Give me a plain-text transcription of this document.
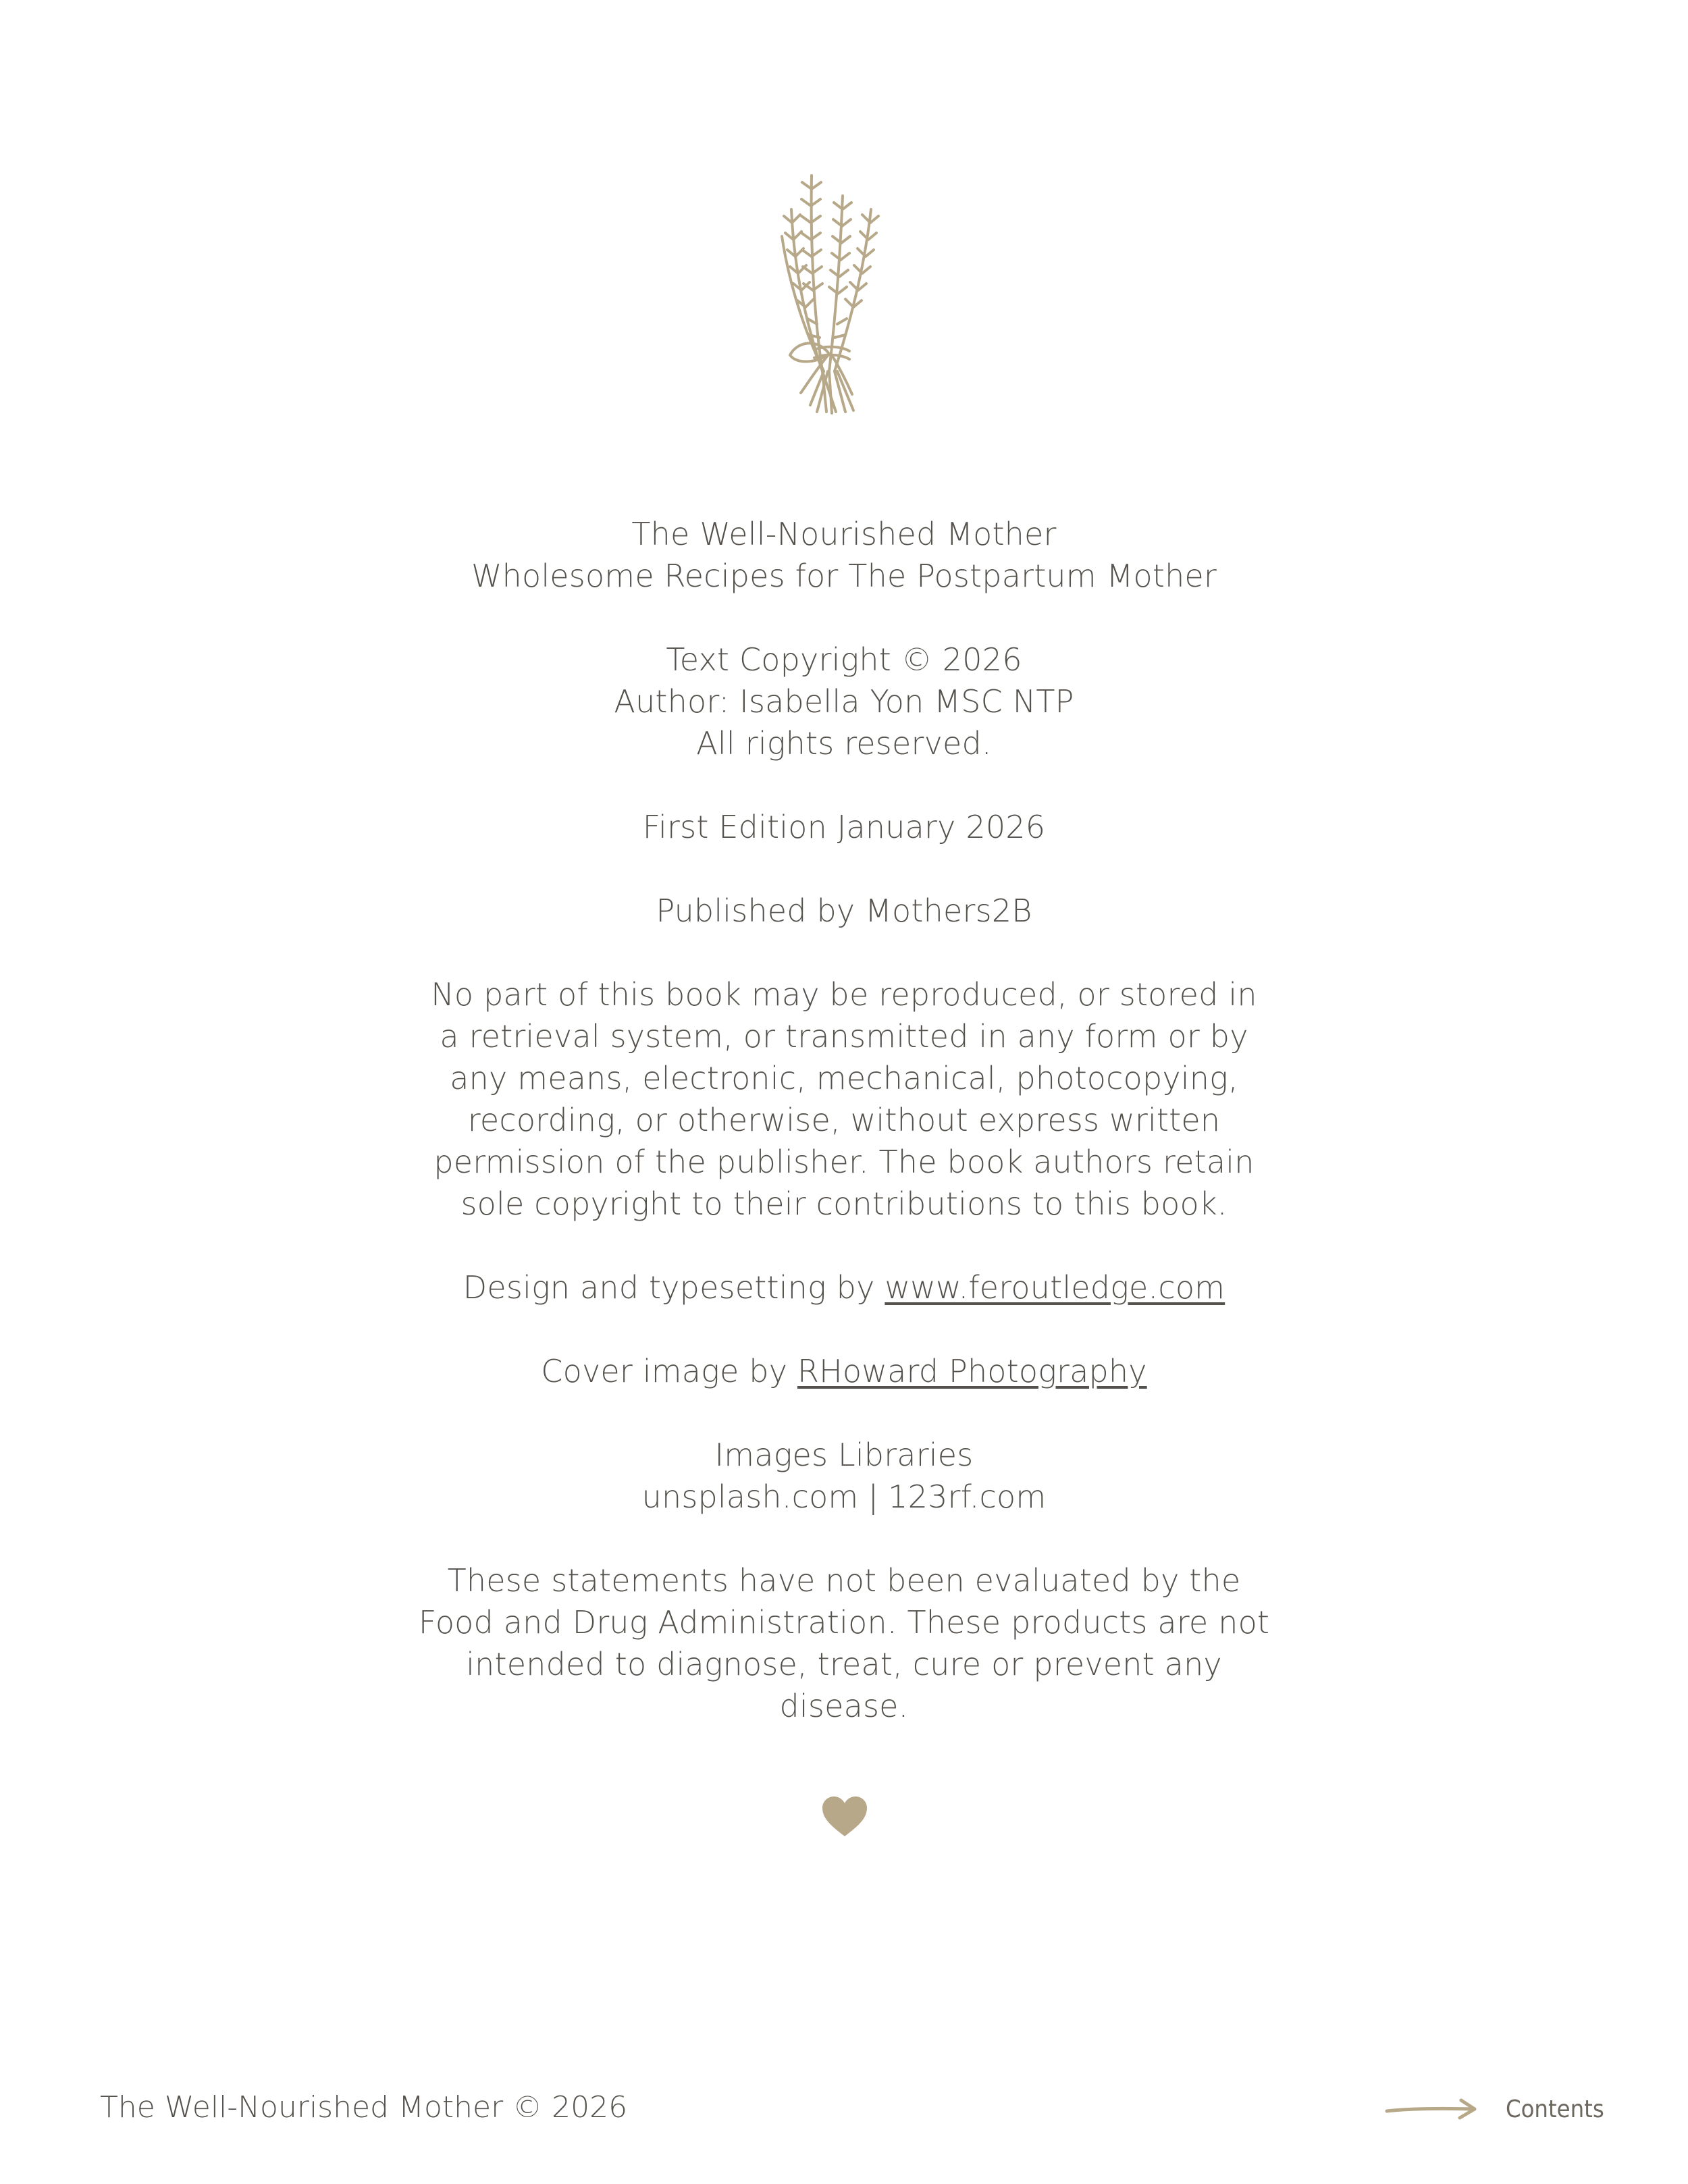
The Well-Nourished Mother
Wholesome Recipes for The Postpartum Mother
Text Copyright © 2026
Author: Isabella Yon MSC NTP
All rights reserved.
First Edition January 2026
Published by Mothers2B
No part of this book may be reproduced, or stored in a retrieval system, or transmitted in any form or by any means, electronic, mechanical, photocopying, recording, or otherwise, without express written permission of the publisher. The book authors retain sole copyright to their contributions to this book.
Design and typesetting by www.feroutledge.com
Cover image by RHoward Photography
Images Libraries
unsplash.com | 123rf.com
These statements have not been evaluated by the Food and Drug Administration. These products are not intended to diagnose, treat, cure or prevent any disease.
The Well-Nourished Mother © 2026	Contents
